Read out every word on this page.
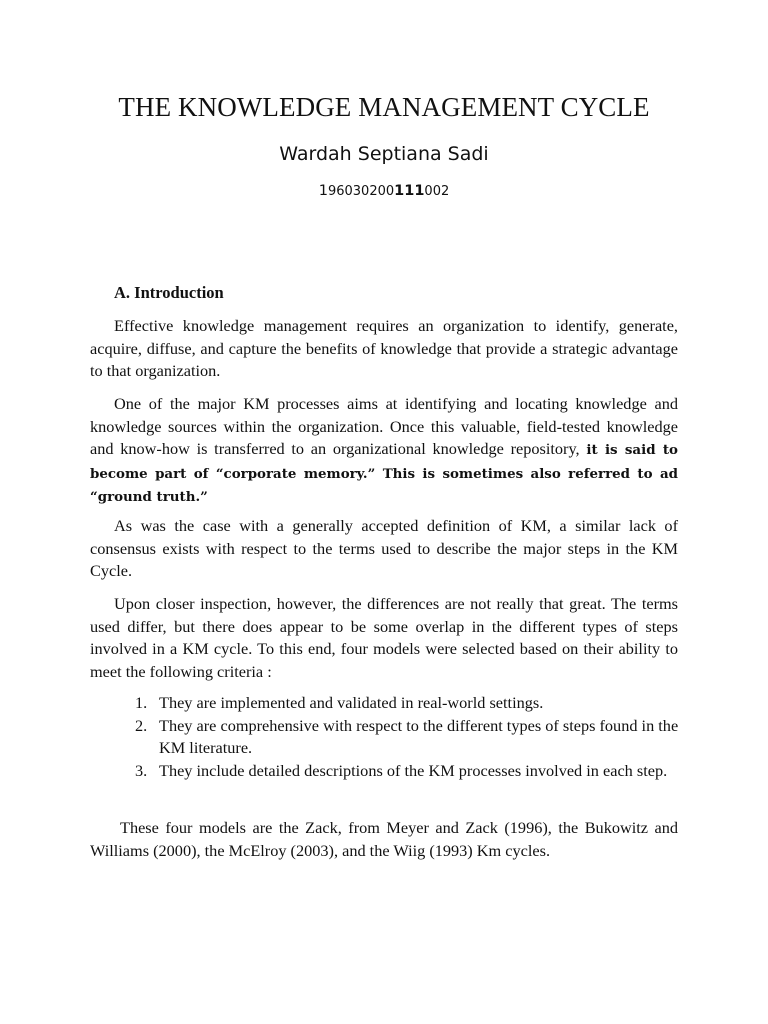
THE KNOWLEDGE MANAGEMENT CYCLE
Wardah Septiana Sadi
196030200111002
A. Introduction

Effective knowledge management requires an organization to identify, generate, acquire, diffuse, and capture the benefits of knowledge that provide a strategic advantage to that organization.

One of the major KM processes aims at identifying and locating knowledge and knowledge sources within the organization. Once this valuable, field-tested knowledge and know-how is transferred to an organizational knowledge repository, it is said to become part of “corporate memory.” This is sometimes also referred to ad “ground truth.”

As was the case with a generally accepted definition of KM, a similar lack of consensus exists with respect to the terms used to describe the major steps in the KM Cycle.

Upon closer inspection, however, the differences are not really that great. The terms used differ, but there does appear to be some overlap in the different types of steps involved in a KM cycle. To this end, four models were selected based on their ability to meet the following criteria :

1. They are implemented and validated in real-world settings.
2. They are comprehensive with respect to the different types of steps found in the KM literature.
3. They include detailed descriptions of the KM processes involved in each step.

These four models are the Zack, from Meyer and Zack (1996), the Bukowitz and Williams (2000), the McElroy (2003), and the Wiig (1993) Km cycles.
